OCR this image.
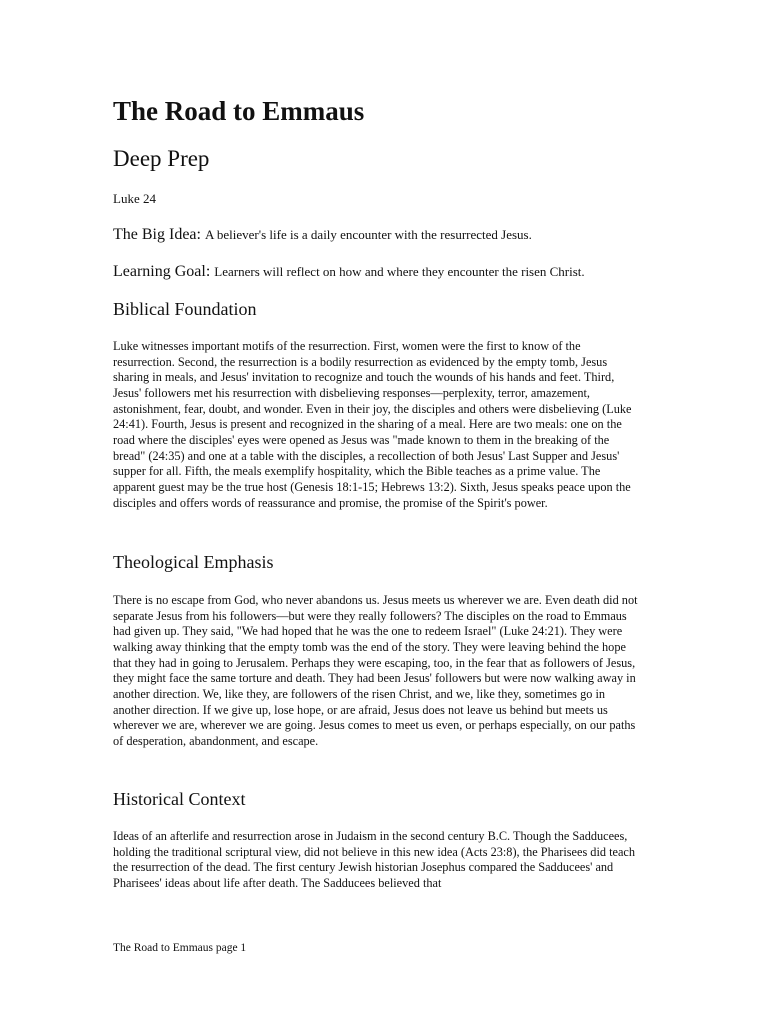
The Road to Emmaus
Deep Prep

Luke 24

The Big Idea: A believer's life is a daily encounter with the resurrected Jesus.

Learning Goal: Learners will reflect on how and where they encounter the risen Christ.

Biblical Foundation

Luke witnesses important motifs of the resurrection. First, women were the first to know of the resurrection. Second, the resurrection is a bodily resurrection as evidenced by the empty tomb, Jesus sharing in meals, and Jesus' invitation to recognize and touch the wounds of his hands and feet. Third, Jesus' followers met his resurrection with disbelieving responses—perplexity, terror, amazement, astonishment, fear, doubt, and wonder. Even in their joy, the disciples and others were disbelieving (Luke 24:41). Fourth, Jesus is present and recognized in the sharing of a meal. Here are two meals: one on the road where the disciples' eyes were opened as Jesus was "made known to them in the breaking of the bread" (24:35) and one at a table with the disciples, a recollection of both Jesus' Last Supper and Jesus' supper for all. Fifth, the meals exemplify hospitality, which the Bible teaches as a prime value. The apparent guest may be the true host (Genesis 18:1-15; Hebrews 13:2). Sixth, Jesus speaks peace upon the disciples and offers words of reassurance and promise, the promise of the Spirit's power.

Theological Emphasis

There is no escape from God, who never abandons us. Jesus meets us wherever we are. Even death did not separate Jesus from his followers—but were they really followers? The disciples on the road to Emmaus had given up. They said, "We had hoped that he was the one to redeem Israel" (Luke 24:21). They were walking away thinking that the empty tomb was the end of the story. They were leaving behind the hope that they had in going to Jerusalem. Perhaps they were escaping, too, in the fear that as followers of Jesus, they might face the same torture and death. They had been Jesus' followers but were now walking away in another direction. We, like they, are followers of the risen Christ, and we, like they, sometimes go in another direction. If we give up, lose hope, or are afraid, Jesus does not leave us behind but meets us wherever we are, wherever we are going. Jesus comes to meet us even, or perhaps especially, on our paths of desperation, abandonment, and escape.

Historical Context

Ideas of an afterlife and resurrection arose in Judaism in the second century B.C. Though the Sadducees, holding the traditional scriptural view, did not believe in this new idea (Acts 23:8), the Pharisees did teach the resurrection of the dead. The first century Jewish historian Josephus compared the Sadducees' and Pharisees' ideas about life after death. The Sadducees believed that

The Road to Emmaus page 1
